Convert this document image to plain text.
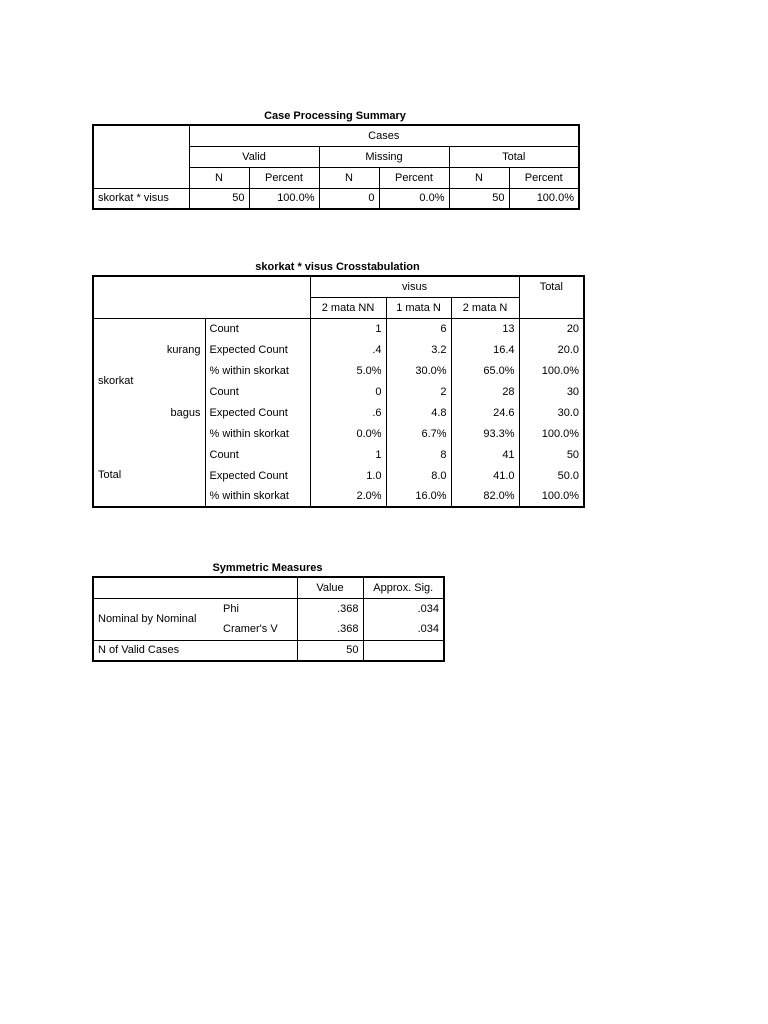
Case Processing Summary
	Cases					
	Valid		Missing		Total	
	N	Percent	N	Percent	N	Percent
skorkat * visus	50	100.0%	0	0.0%	50	100.0%
skorkat * visus Crosstabulation
			visus			Total
			2 mata NN	1 mata N	2 mata N	
skorkat	kurang	Count	1	6	13	20
		Expected Count	.4	3.2	16.4	20.0
		% within skorkat	5.0%	30.0%	65.0%	100.0%
	bagus	Count	0	2	28	30
		Expected Count	.6	4.8	24.6	30.0
		% within skorkat	0.0%	6.7%	93.3%	100.0%
Total		Count	1	8	41	50
		Expected Count	1.0	8.0	41.0	50.0
		% within skorkat	2.0%	16.0%	82.0%	100.0%
Symmetric Measures
		Value	Approx. Sig.
Nominal by Nominal	Phi	.368	.034
	Cramer's V	.368	.034
N of Valid Cases		50	
